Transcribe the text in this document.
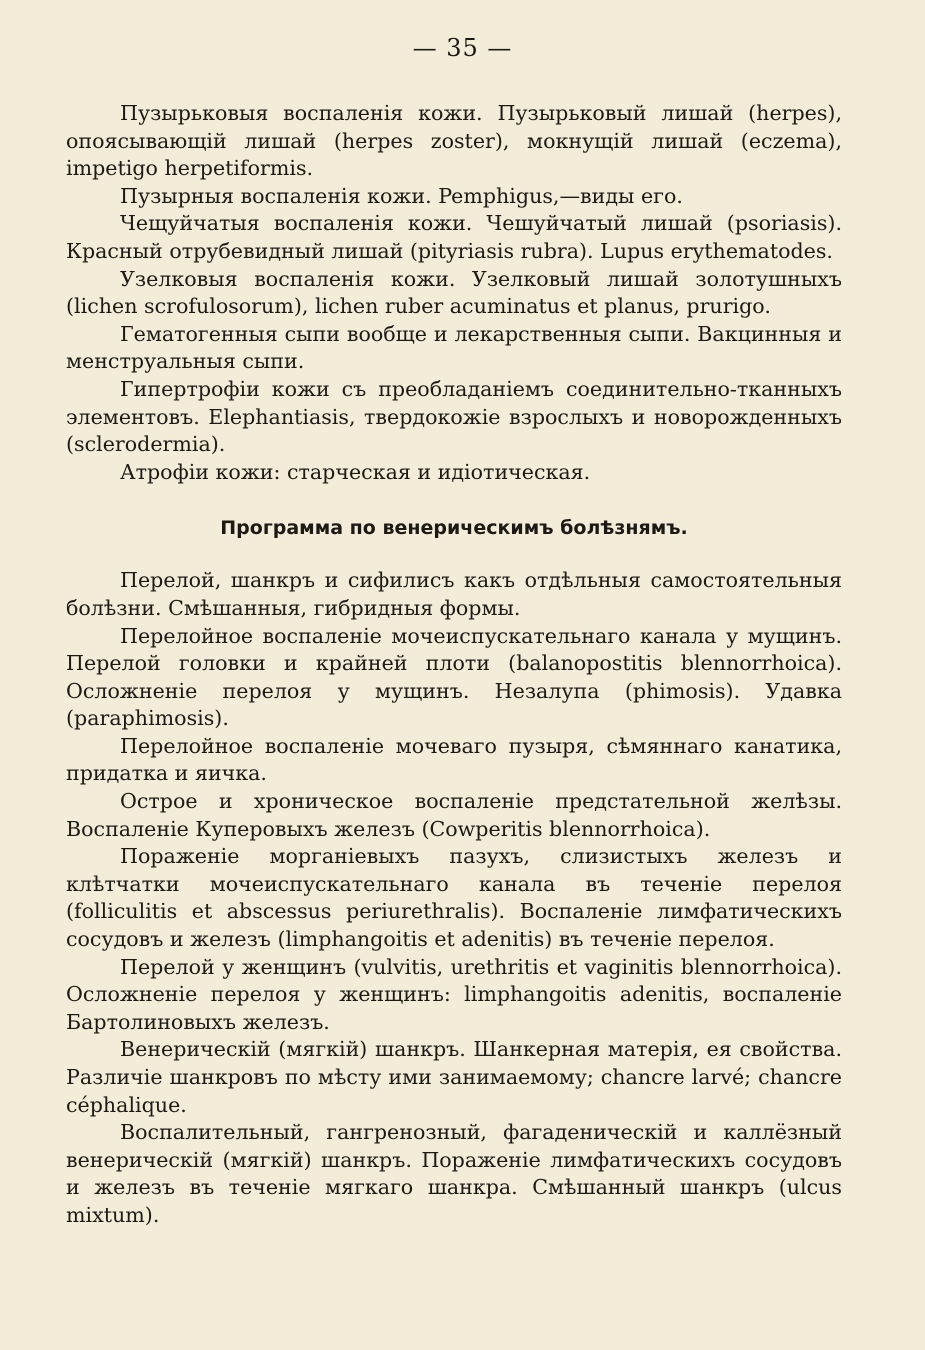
— 35 —

Пузырьковыя воспаленія кожи. Пузырьковый лишай (herpes), опоясывающій лишай (herpes zoster), мокнущій лишай (eczema), impetigo herpetiformis.

Пузырныя воспаленія кожи. Pemphigus,—виды его.

Чещуйчатыя воспаленія кожи. Чешуйчатый лишай (psoriasis). Красный отрубевидный лишай (pityriasis rubra). Lupus erythematodes.

Узелковыя воспаленія кожи. Узелковый лишай золотушныхъ (lichen scrofulosorum), lichen ruber acuminatus et planus, prurigo.

Гематогенныя сыпи вообще и лекарственныя сыпи. Вакцинныя и менструальныя сыпи.

Гипертрофіи кожи съ преобладаніемъ соединительно-тканныхъ элементовъ. Elephantiasis, твердокожіе взрослыхъ и новорожденныхъ (sclerodermia).

Атрофіи кожи: старческая и идіотическая.

Программа по венерическимъ болѣзнямъ.

Перелой, шанкръ и сифилисъ какъ отдѣльныя самостоятельныя болѣзни. Смѣшанныя, гибридныя формы.

Перелойное воспаленіе мочеиспускательнаго канала у мущинъ. Перелой головки и крайней плоти (balanopostitis blennorrhoica). Осложненіе перелоя у мущинъ. Незалупа (phimosis). Удавка (paraphimosis).

Перелойное воспаленіе мочеваго пузыря, сѣмяннаго канатика, придатка и яичка.

Острое и хроническое воспаленіе предстательной желѣзы. Воспаленіе Куперовыхъ железъ (Cowperitis blennorrhoica).

Пораженіе морганіевыхъ пазухъ, слизистыхъ железъ и клѣтчатки мочеиспускательнаго канала въ теченіе перелоя (folliculitis et abscessus periurethralis). Воспаленіе лимфатическихъ сосудовъ и железъ (limphangoitis et adenitis) въ теченіе перелоя.

Перелой у женщинъ (vulvitis, urethritis et vaginitis blennorrhoica). Осложненіе перелоя у женщинъ: limphangoitis adenitis, воспаленіе Бартолиновыхъ железъ.

Венерическій (мягкій) шанкръ. Шанкерная матерія, ея свойства. Различіе шанкровъ по мѣсту ими занимаемому; chancre larvé; chancre céphalique.

Воспалительный, гангренозный, фагаденическій и каллёзный венерическій (мягкій) шанкръ. Пораженіе лимфатическихъ сосудовъ и железъ въ теченіе мягкаго шанкра. Смѣшанный шанкръ (ulcus mixtum).
